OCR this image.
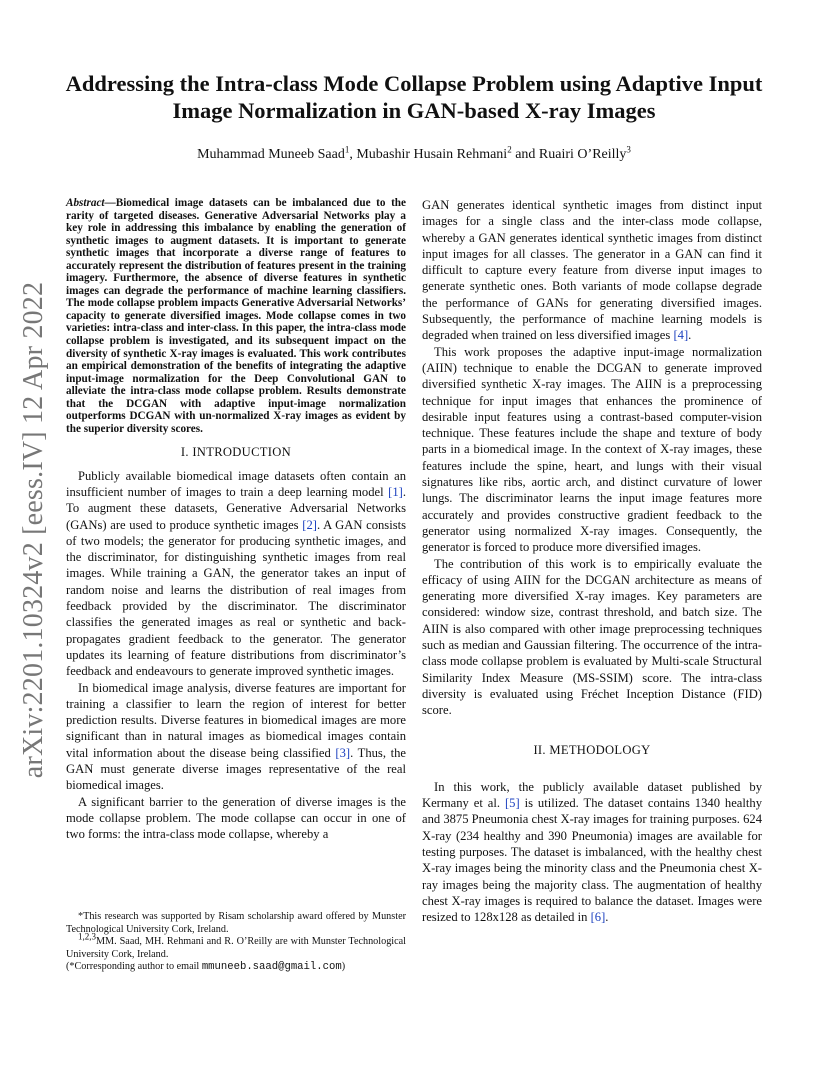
arXiv:2201.10324v2 [eess.IV] 12 Apr 2022
Addressing the Intra-class Mode Collapse Problem using Adaptive Input Image Normalization in GAN-based X-ray Images
Muhammad Muneeb Saad$^1$, Mubashir Husain Rehmani$^2$ and Ruairi O’Reilly$^3$

Abstract—Biomedical image datasets can be imbalanced due to the rarity of targeted diseases. Generative Adversarial Networks play a key role in addressing this imbalance by enabling the generation of synthetic images to augment datasets. It is important to generate synthetic images that incorporate a diverse range of features to accurately represent the distribution of features present in the training imagery. Furthermore, the absence of diverse features in synthetic images can degrade the performance of machine learning classifiers. The mode collapse problem impacts Generative Adversarial Networks’ capacity to generate diversified images. Mode collapse comes in two varieties: intra-class and inter-class. In this paper, the intra-class mode collapse problem is investigated, and its subsequent impact on the diversity of synthetic X-ray images is evaluated. This work contributes an empirical demonstration of the benefits of integrating the adaptive input-image normalization for the Deep Convolutional GAN to alleviate the intra-class mode collapse problem. Results demonstrate that the DCGAN with adaptive input-image normalization outperforms DCGAN with un-normalized X-ray images as evident by the superior diversity scores.

I. INTRODUCTION

Publicly available biomedical image datasets often contain an insufficient number of images to train a deep learning model [1]. To augment these datasets, Generative Adversarial Networks (GANs) are used to produce synthetic images [2]. A GAN consists of two models; the generator for producing synthetic images, and the discriminator, for distinguishing synthetic images from real images. While training a GAN, the generator takes an input of random noise and learns the distribution of real images from feedback provided by the discriminator. The discriminator classifies the generated images as real or synthetic and back-propagates gradient feedback to the generator. The generator updates its learning of feature distributions from discriminator’s feedback and endeavours to generate improved synthetic images.

In biomedical image analysis, diverse features are important for training a classifier to learn the region of interest for better prediction results. Diverse features in biomedical images are more significant than in natural images as biomedical images contain vital information about the disease being classified [3]. Thus, the GAN must generate diverse images representative of the real biomedical images.

A significant barrier to the generation of diverse images is the mode collapse problem. The mode collapse can occur in one of two forms: the intra-class mode collapse, whereby a

*This research was supported by Risam scholarship award offered by Munster Technological University Cork, Ireland.

$^{1,2,3}$MM. Saad, MH. Rehmani and R. O’Reilly are with Munster Technological University Cork, Ireland.

(*Corresponding author to email mmuneeb.saad@gmail.com)

GAN generates identical synthetic images from distinct input images for a single class and the inter-class mode collapse, whereby a GAN generates identical synthetic images from distinct input images for all classes. The generator in a GAN can find it difficult to capture every feature from diverse input images to generate synthetic ones. Both variants of mode collapse degrade the performance of GANs for generating diversified images. Subsequently, the performance of machine learning models is degraded when trained on less diversified images [4].

This work proposes the adaptive input-image normalization (AIIN) technique to enable the DCGAN to generate improved diversified synthetic X-ray images. The AIIN is a preprocessing technique for input images that enhances the prominence of desirable input features using a contrast-based computer-vision technique. These features include the shape and texture of body parts in a biomedical image. In the context of X-ray images, these features include the spine, heart, and lungs with their visual signatures like ribs, aortic arch, and distinct curvature of lower lungs. The discriminator learns the input image features more accurately and provides constructive gradient feedback to the generator using normalized X-ray images. Consequently, the generator is forced to produce more diversified images.

The contribution of this work is to empirically evaluate the efficacy of using AIIN for the DCGAN architecture as means of generating more diversified X-ray images. Key parameters are considered: window size, contrast threshold, and batch size. The AIIN is also compared with other image preprocessing techniques such as median and Gaussian filtering. The occurrence of the intra-class mode collapse problem is evaluated by Multi-scale Structural Similarity Index Measure (MS-SSIM) score. The intra-class diversity is evaluated using Fréchet Inception Distance (FID) score.

II. METHODOLOGY

In this work, the publicly available dataset published by Kermany et al. [5] is utilized. The dataset contains 1340 healthy and 3875 Pneumonia chest X-ray images for training purposes. 624 X-ray (234 healthy and 390 Pneumonia) images are available for testing purposes. The dataset is imbalanced, with the healthy chest X-ray images being the minority class and the Pneumonia chest X-ray images being the majority class. The augmentation of healthy chest X-ray images is required to balance the dataset. Images were resized to 128x128 as detailed in [6].
